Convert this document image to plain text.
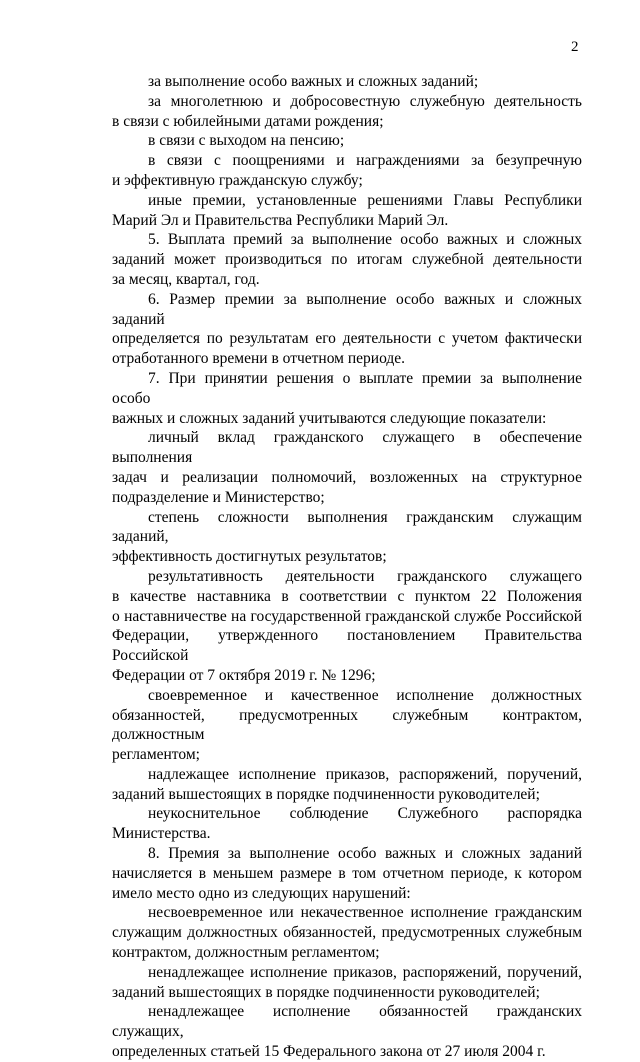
2
за выполнение особо важных и сложных заданий;
за многолетнюю и добросовестную служебную деятельность
в связи с юбилейными датами рождения;
в связи с выходом на пенсию;
в связи с поощрениями и награждениями за безупречную
и эффективную гражданскую службу;
иные премии, установленные решениями Главы Республики
Марий Эл и Правительства Республики Марий Эл.
5. Выплата премий за выполнение особо важных и сложных
заданий может производиться по итогам служебной деятельности
за месяц, квартал, год.
6. Размер премии за выполнение особо важных и сложных заданий
определяется по результатам его деятельности с учетом фактически
отработанного времени в отчетном периоде.
7. При принятии решения о выплате премии за выполнение особо
важных и сложных заданий учитываются следующие показатели:
личный вклад гражданского служащего в обеспечение выполнения
задач и реализации полномочий, возложенных на структурное
подразделение и Министерство;
степень сложности выполнения гражданским служащим заданий,
эффективность достигнутых результатов;
результативность деятельности гражданского служащего
в качестве наставника в соответствии с пунктом 22 Положения
о наставничестве на государственной гражданской службе Российской
Федерации, утвержденного постановлением Правительства Российской
Федерации от 7 октября 2019 г. № 1296;
своевременное и качественное исполнение должностных
обязанностей, предусмотренных служебным контрактом, должностным
регламентом;
надлежащее исполнение приказов, распоряжений, поручений,
заданий вышестоящих в порядке подчиненности руководителей;
неукоснительное соблюдение Служебного распорядка
Министерства.
8. Премия за выполнение особо важных и сложных заданий
начисляется в меньшем размере в том отчетном периоде, к котором
имело место одно из следующих нарушений:
несвоевременное или некачественное исполнение гражданским
служащим должностных обязанностей, предусмотренных служебным
контрактом, должностным регламентом;
ненадлежащее исполнение приказов, распоряжений, поручений,
заданий вышестоящих в порядке подчиненности руководителей;
ненадлежащее исполнение обязанностей гражданских служащих,
определенных статьей 15 Федерального закона от 27 июля 2004 г.
